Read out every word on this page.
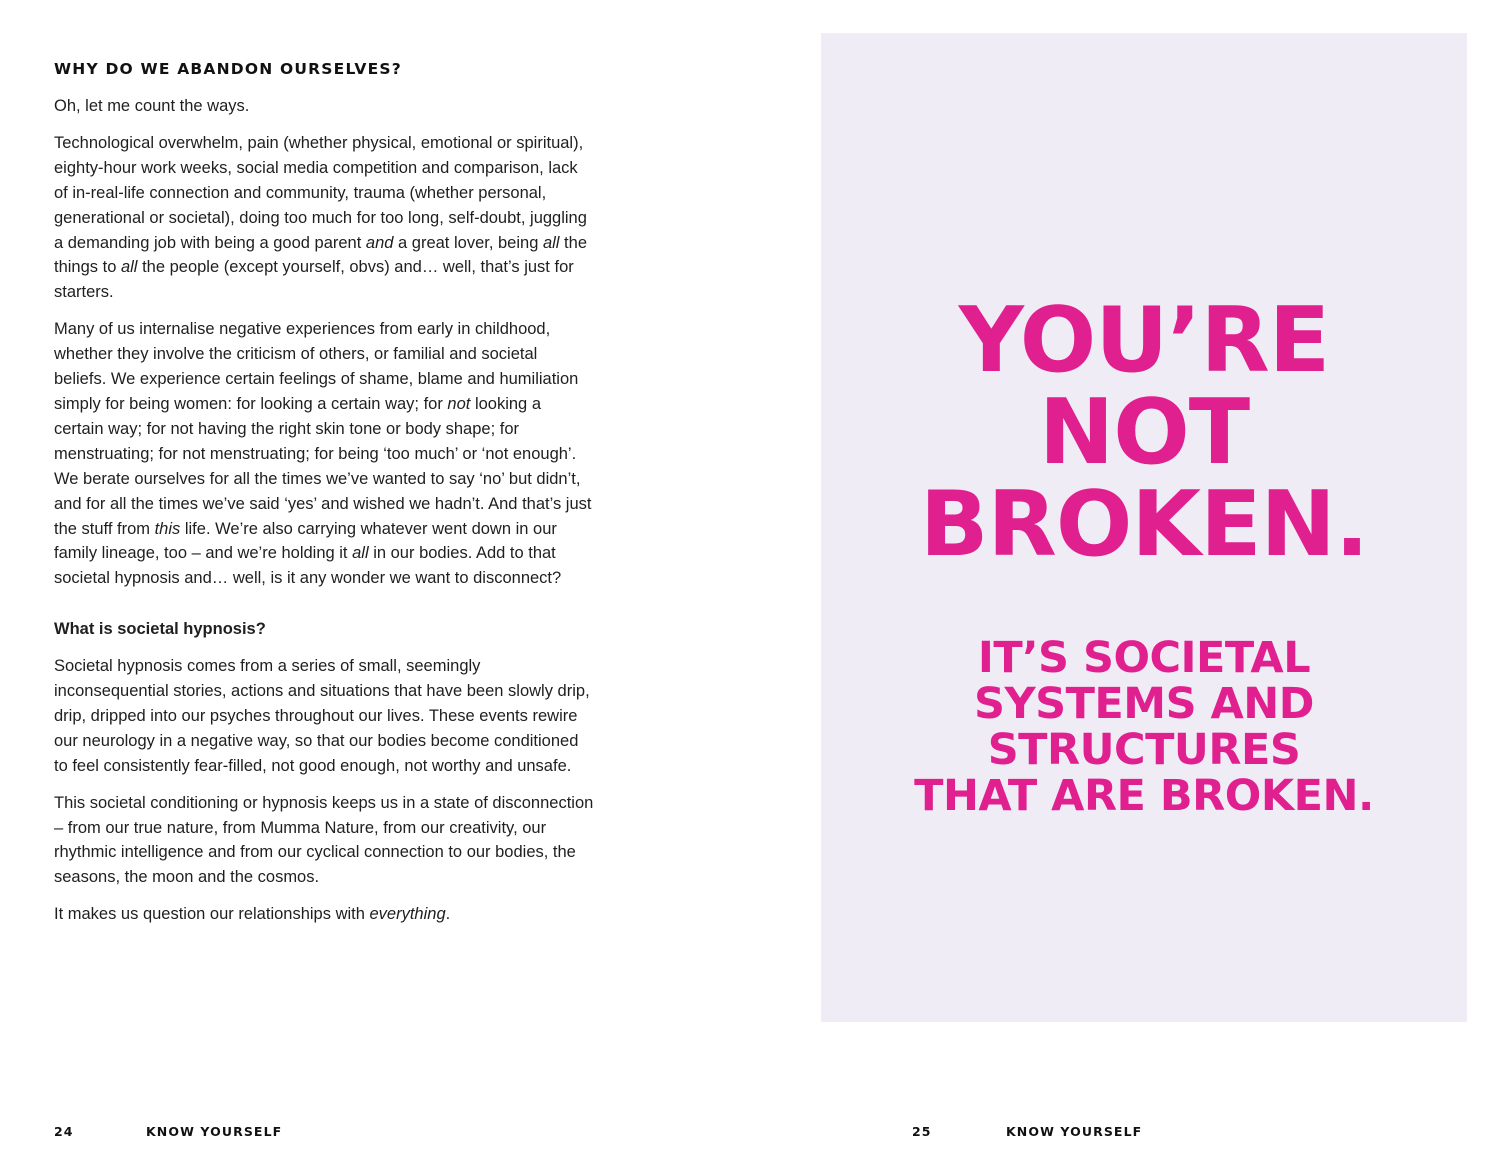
WHY DO WE ABANDON OURSELVES?

Oh, let me count the ways.

Technological overwhelm, pain (whether physical, emotional or spiritual), eighty-hour work weeks, social media competition and comparison, lack of in-real-life connection and community, trauma (whether personal, generational or societal), doing too much for too long, self-doubt, juggling a demanding job with being a good parent and a great lover, being all the things to all the people (except yourself, obvs) and… well, that’s just for starters.

Many of us internalise negative experiences from early in childhood, whether they involve the criticism of others, or familial and societal beliefs. We experience certain feelings of shame, blame and humiliation simply for being women: for looking a certain way; for not looking a certain way; for not having the right skin tone or body shape; for menstruating; for not menstruating; for being ‘too much’ or ‘not enough’. We berate ourselves for all the times we’ve wanted to say ‘no’ but didn’t, and for all the times we’ve said ‘yes’ and wished we hadn’t. And that’s just the stuff from this life. We’re also carrying whatever went down in our family lineage, too – and we’re holding it all in our bodies. Add to that societal hypnosis and… well, is it any wonder we want to disconnect?

What is societal hypnosis?

Societal hypnosis comes from a series of small, seemingly inconsequential stories, actions and situations that have been slowly drip, drip, dripped into our psyches throughout our lives. These events rewire our neurology in a negative way, so that our bodies become conditioned to feel consistently fear-filled, not good enough, not worthy and unsafe.

This societal conditioning or hypnosis keeps us in a state of disconnection – from our true nature, from Mumma Nature, from our creativity, our rhythmic intelligence and from our cyclical connection to our bodies, the seasons, the moon and the cosmos.

It makes us question our relationships with everything.

24	KNOW YOURSELF
YOU’RE
NOT
BROKEN.
IT’S SOCIETAL
SYSTEMS AND
STRUCTURES
THAT ARE BROKEN.
25	KNOW YOURSELF
